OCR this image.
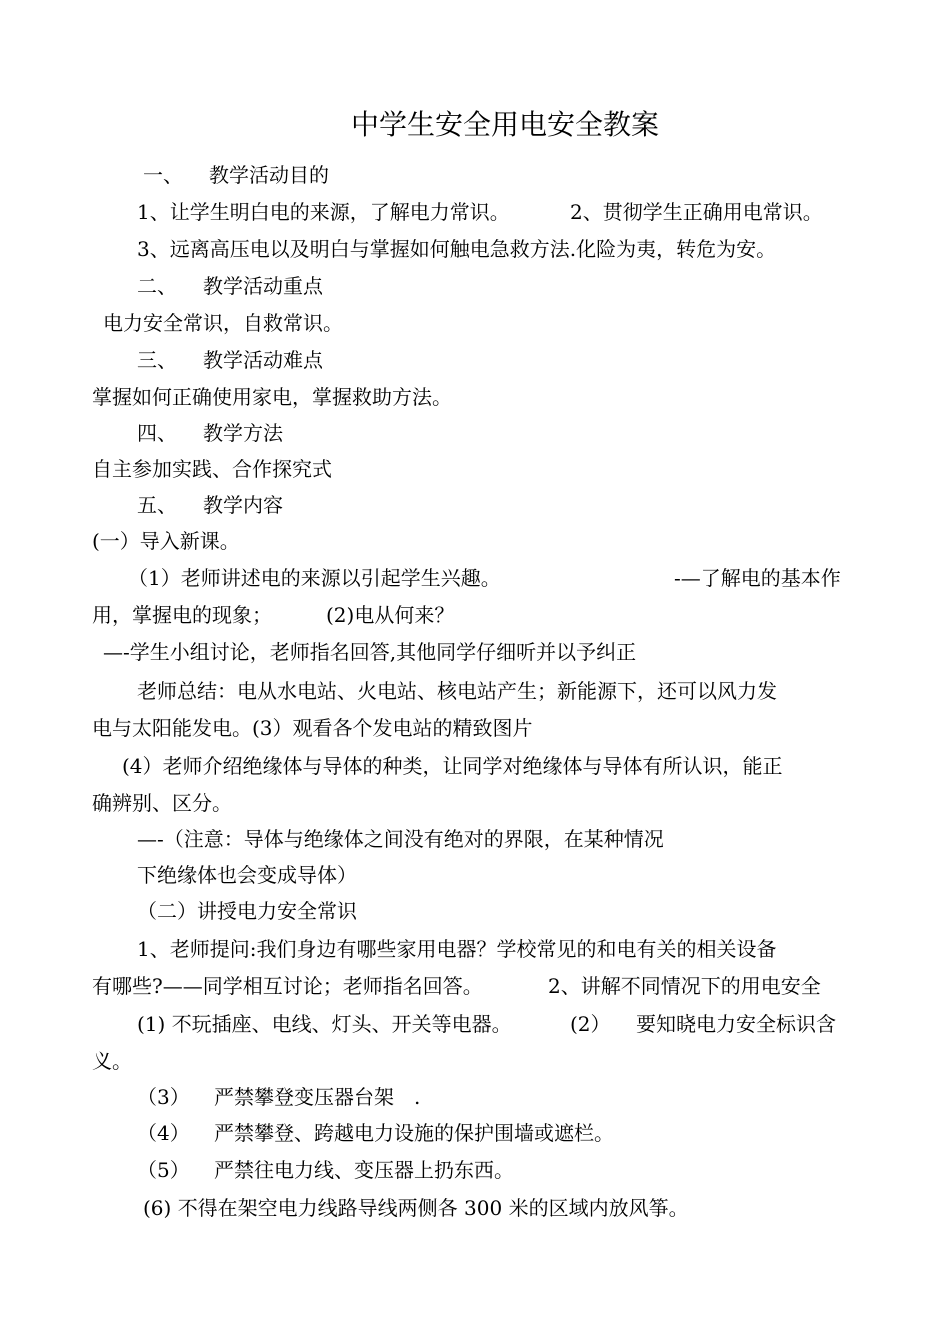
中学生安全用电安全教案
一、 教学活动目的
1、让学生明白电的来源，了解电力常识。	2、贯彻学生正确用电常识。
3、远离高压电以及明白与掌握如何触电急救方法.化险为夷，转危为安。
二、 教学活动重点
电力安全常识，自救常识。
三、 教学活动难点
掌握如何正确使用家电，掌握救助方法。
四、 教学方法
自主参加实践、合作探究式
五、 教学内容
(一）导入新课。
（1）老师讲述电的来源以引起学生兴趣。	-—了解电的基本作
用，掌握电的现象；	(2)电从何来？
—-学生小组讨论，老师指名回答,其他同学仔细听并以予纠正
老师总结：电从水电站、火电站、核电站产生；新能源下，还可以风力发
电与太阳能发电。(3）观看各个发电站的精致图片
(4）老师介绍绝缘体与导体的种类，让同学对绝缘体与导体有所认识，能正
确辨别、区分。
—-（注意：导体与绝缘体之间没有绝对的界限，在某种情况
下绝缘体也会变成导体）
（二）讲授电力安全常识
1、老师提问:我们身边有哪些家用电器？学校常见的和电有关的相关设备
有哪些?——同学相互讨论；老师指名回答。	2、讲解不同情况下的用电安全
(1) 不玩插座、电线、灯头、开关等电器。	(2） 要知晓电力安全标识含
义。
（3） 严禁攀登变压器台架　.
（4） 严禁攀登、跨越电力设施的保护围墙或遮栏。
（5） 严禁往电力线、变压器上扔东西。
(6) 不得在架空电力线路导线两侧各 300 米的区域内放风筝。
